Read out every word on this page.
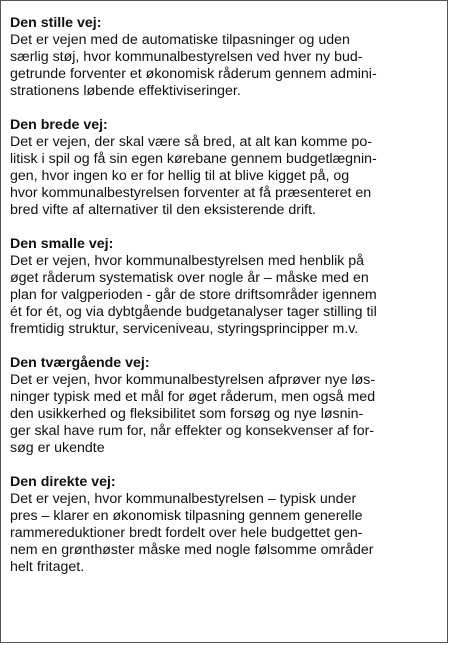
Den stille vej:

Det er vejen med de automatiske tilpasninger og uden

særlig støj, hvor kommunalbestyrelsen ved hver ny bud-

getrunde forventer et økonomisk råderum gennem admini-

strationens løbende effektiviseringer.

Den brede vej:

Det er vejen, der skal være så bred, at alt kan komme po-

litisk i spil og få sin egen kørebane gennem budgetlægnin-

gen, hvor ingen ko er for hellig til at blive kigget på, og

hvor kommunalbestyrelsen forventer at få præsenteret en

bred vifte af alternativer til den eksisterende drift.

Den smalle vej:

Det er vejen, hvor kommunalbestyrelsen med henblik på

øget råderum systematisk over nogle år – måske med en

plan for valgperioden - går de store driftsområder igennem

ét for ét, og via dybtgående budgetanalyser tager stilling til

fremtidig struktur, serviceniveau, styringsprincipper m.v.

Den tværgående vej:

Det er vejen, hvor kommunalbestyrelsen afprøver nye løs-

ninger typisk med et mål for øget råderum, men også med

den usikkerhed og fleksibilitet som forsøg og nye løsnin-

ger skal have rum for, når effekter og konsekvenser af for-

søg er ukendte

Den direkte vej:

Det er vejen, hvor kommunalbestyrelsen – typisk under

pres – klarer en økonomisk tilpasning gennem generelle

rammereduktioner bredt fordelt over hele budgettet gen-

nem en grønthøster måske med nogle følsomme områder

helt fritaget.
